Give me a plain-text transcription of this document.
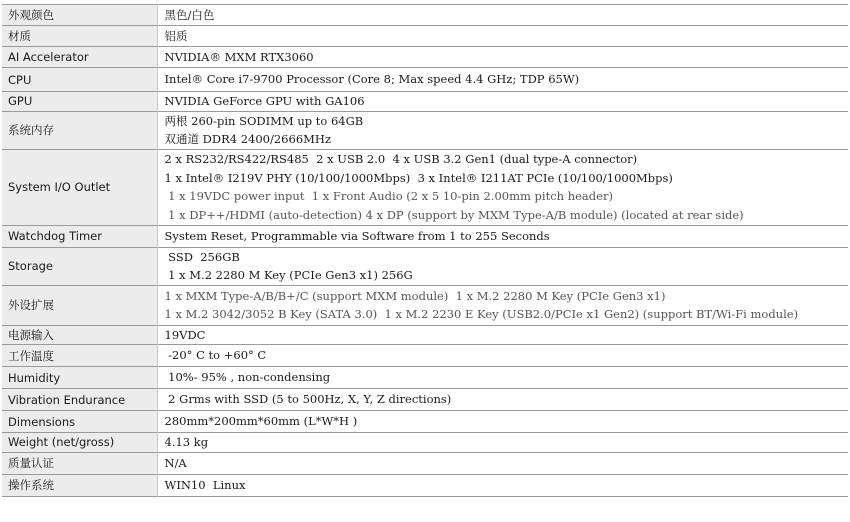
外观颜色	黑色/白色

材质	铝质

AI Accelerator	NVIDIA® MXM RTX3060

CPU	Intel® Core i7-9700 Processor (Core 8; Max speed 4.4 GHz; TDP 65W)

GPU	NVIDIA GeForce GPU with GA106

系统内存	两根 260-pin SODIMM up to 64GB
双通道 DDR4 2400/2666MHz

System I/O Outlet	2 x RS232/RS422/RS485  2 x USB 2.0  4 x USB 3.2 Gen1 (dual type-A connector)
1 x Intel® I219V PHY (10/100/1000Mbps)  3 x Intel® I211AT PCIe (10/100/1000Mbps)
1 x 19VDC power input  1 x Front Audio (2 x 5 10-pin 2.00mm pitch header)
1 x DP++/HDMI (auto-detection) 4 x DP (support by MXM Type-A/B module) (located at rear side)

Watchdog Timer	System Reset, Programmable via Software from 1 to 255 Seconds

Storage	SSD  256GB
1 x M.2 2280 M Key (PCIe Gen3 x1) 256G

外设扩展	1 x MXM Type-A/B/B+/C (support MXM module)  1 x M.2 2280 M Key (PCIe Gen3 x1)
1 x M.2 3042/3052 B Key (SATA 3.0)  1 x M.2 2230 E Key (USB2.0/PCIe x1 Gen2) (support BT/Wi-Fi module)

电源输入	19VDC

工作温度	-20° C to +60° C

Humidity	10%- 95% , non-condensing

Vibration Endurance	2 Grms with SSD (5 to 500Hz, X, Y, Z directions)

Dimensions	280mm*200mm*60mm (L*W*H )

Weight (net/gross)	4.13 kg

质量认证	N/A

操作系统	WIN10  Linux
